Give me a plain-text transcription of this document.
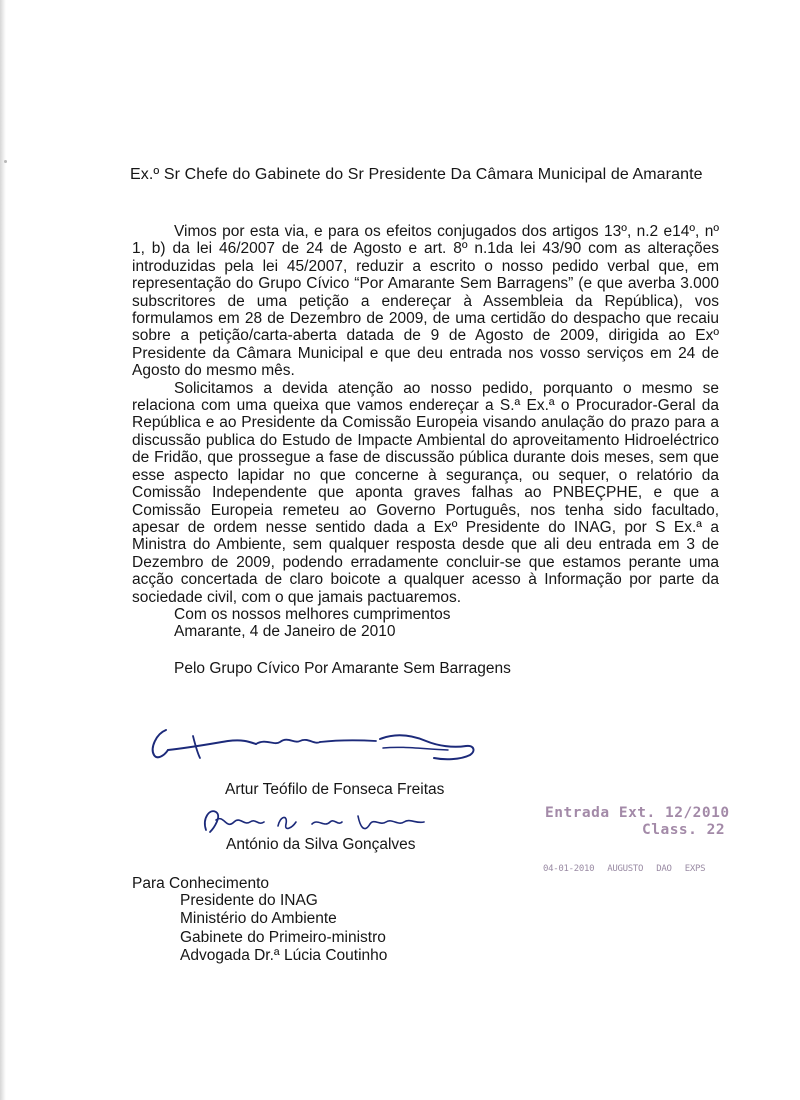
Ex.º Sr Chefe do Gabinete do Sr Presidente Da Câmara Municipal de Amarante

Vimos por esta via, e para os efeitos conjugados dos artigos 13º, n.2 e14º, nº 1, b) da lei 46/2007 de 24 de Agosto e art. 8º n.1da lei 43/90 com as alterações introduzidas pela lei 45/2007, reduzir a escrito o nosso pedido verbal que, em representação do Grupo Cívico “Por Amarante Sem Barragens” (e que averba 3.000 subscritores de uma petição a endereçar à Assembleia da República), vos formulamos em 28 de Dezembro de 2009, de uma certidão do despacho que recaiu sobre a petição/carta-aberta datada de 9 de Agosto de 2009, dirigida ao Exº Presidente da Câmara Municipal e que deu entrada nos vosso serviços em 24 de Agosto do mesmo mês.

Solicitamos a devida atenção ao nosso pedido, porquanto o mesmo se relaciona com uma queixa que vamos endereçar a S.ª Ex.ª o Procurador-Geral da República e ao Presidente da Comissão Europeia visando anulação do prazo para a discussão publica do Estudo de Impacte Ambiental do aproveitamento Hidroeléctrico de Fridão, que prossegue a fase de discussão pública durante dois meses, sem que esse aspecto lapidar no que concerne à segurança, ou sequer, o relatório da Comissão Independente que aponta graves falhas ao PNBEÇPHE, e que a Comissão Europeia remeteu ao Governo Português, nos tenha sido facultado, apesar de ordem nesse sentido dada a Exº Presidente do INAG, por S Ex.ª a Ministra do Ambiente, sem qualquer resposta desde que ali deu entrada em 3 de Dezembro de 2009, podendo erradamente concluir-se que estamos perante uma acção concertada de claro boicote a qualquer acesso à Informação por parte da sociedade civil, com o que jamais pactuaremos.

Com os nossos melhores cumprimentos

Amarante, 4 de Janeiro de 2010

Pelo Grupo Cívico Por Amarante Sem Barragens

Artur Teófilo de Fonseca Freitas
António da Silva Gonçalves
Entrada Ext. 12/2010
Class. 22
04-01-2010 AUGUSTO DAO EXPS
Para Conhecimento
Presidente do INAG
Ministério do Ambiente
Gabinete do Primeiro-ministro
Advogada Dr.ª Lúcia Coutinho
